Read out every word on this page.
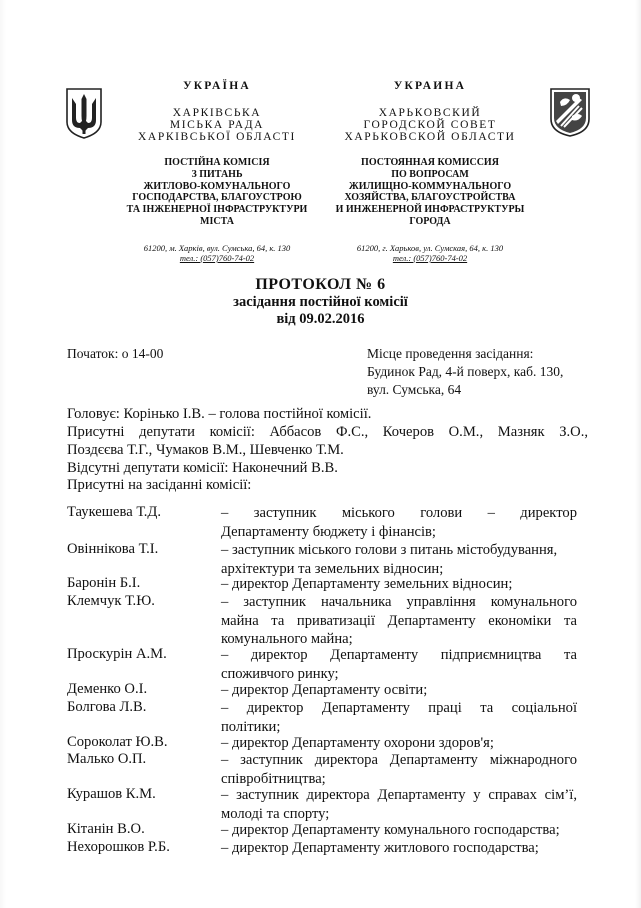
УКРАЇНА
ХАРКІВСЬКА
МІСЬКА РАДА
ХАРКІВСЬКОЇ ОБЛАСТІ
ПОСТІЙНА КОМІСІЯ
З ПИТАНЬ
ЖИТЛОВО-КОМУНАЛЬНОГО
ГОСПОДАРСТВА, БЛАГОУСТРОЮ
ТА ІНЖЕНЕРНОЇ ІНФРАСТРУКТУРИ
МІСТА
61200, м. Харків, вул. Сумська, 64, к. 130
тел.: (057)760-74-02
УКРАИНА
ХАРЬКОВСКИЙ
ГОРОДСКОЙ СОВЕТ
ХАРЬКОВСКОЙ ОБЛАСТИ
ПОСТОЯННАЯ КОМИССИЯ
ПО ВОПРОСАМ
ЖИЛИЩНО-КОММУНАЛЬНОГО
ХОЗЯЙСТВА, БЛАГОУСТРОЙСТВА
И ИНЖЕНЕРНОЙ ИНФРАСТРУКТУРЫ
ГОРОДА
61200, г. Харьков, ул. Сумская, 64, к. 130
тел.: (057)760-74-02
ПРОТОКОЛ № 6
засідання постійної комісії
від 09.02.2016
Початок: о 14-00	Місце проведення засідання:
Будинок Рад, 4-й поверх, каб. 130,
вул. Сумська, 64
Головує: Корінько І.В. – голова постійної комісії.
Присутні депутати комісії: Аббасов Ф.С., Кочеров О.М., Мазняк З.О.,
Поздєєва Т.Г., Чумаков В.М., Шевченко Т.М.
Відсутні депутати комісії: Наконечний В.В.
Присутні на засіданні комісії:
Таукешева Т.Д.	– заступник міського голови – директор
Департаменту бюджету і фінансів;
Овіннікова Т.І.	– заступник міського голови з питань містобудування,
архітектури та земельних відносин;
Баронін Б.І.	– директор Департаменту земельних відносин;
Клемчук Т.Ю.	– заступник начальника управління комунального
майна та приватизації Департаменту економіки та
комунального майна;
Проскурін А.М.	– директор Департаменту підприємництва та
споживчого ринку;
Деменко О.І.	– директор Департаменту освіти;
Болгова Л.В.	– директор Департаменту праці та соціальної
політики;
Сороколат Ю.В.	– директор Департаменту охорони здоров'я;
Малько О.П.	– заступник директора Департаменту міжнародного
співробітництва;
Курашов К.М.	– заступник директора Департаменту у справах сім’ї,
молоді та спорту;
Кітанін В.О.	– директор Департаменту комунального господарства;
Нехорошков Р.Б.	– директор Департаменту житлового господарства;
